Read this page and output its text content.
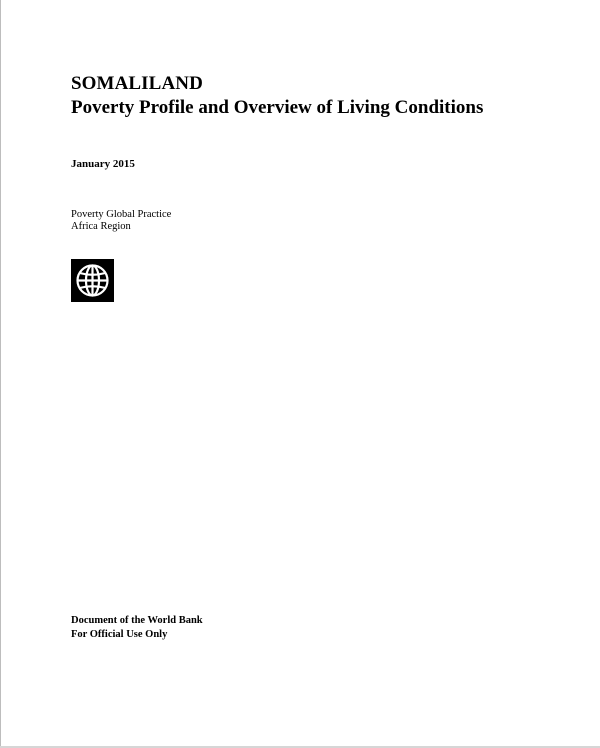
SOMALILAND
Poverty Profile and Overview of Living Conditions
January 2015
Poverty Global Practice
Africa Region
Document of the World Bank
For Official Use Only
